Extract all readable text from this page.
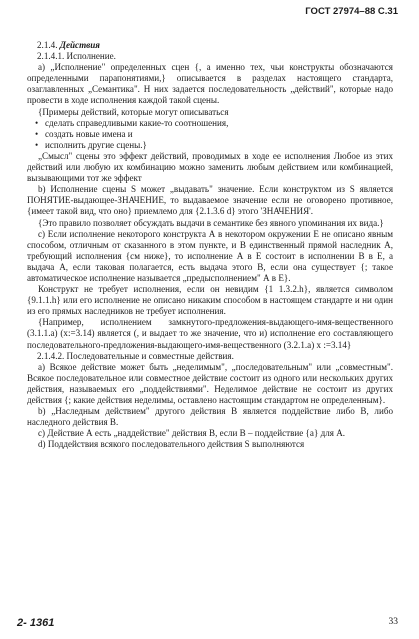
ГОСТ 27974–88 С.31

2.1.4. Действия

2.1.4.1. Исполнение.

а) „Исполнение" определенных сцен {, а именно тех, чьи конструкты обозначаются определенными парапонятиями,} описывается в разделах настоящего стандарта, озаглавленных „Семантика". Н них задается последовательность „действий", которые надо провести в ходе исполнения каждой такой сцены.

{Примеры действий, которые могут описываться

• сделать справедливыми какие-то соотношения,
• создать новые имена и
• исполнить другие сцены.}

„Смысл" сцены это эффект действий, проводимых в ходе ее исполнения Любое из этих действий или любую их комбинацию можно заменить любым действием или комбинацией, вызывающими тот же эффект

b) Исполнение сцены S может „выдавать" значение. Если конструктом из S является ПОНЯТИЕ-выдающее-ЗНАЧЕНИЕ, то выдаваемое значение если не оговорено противное, {имеет такой вид, что оно} приемлемо для {2.1.3.6 d} этого 'ЗНАЧЕНИЯ'.

{Это правило позволяет обсуждать выдачи в семантике без явного упоминания их вида.}

с) Если исполнение некоторого конструкта А в некотором окружении Е не описано явным способом, отличным от сказанного в этом пункте, и В единственный прямой наследник А, требующий исполнения {см ниже}, то исполнение А в Е состоит в исполнении В в Е, а выдача А, если таковая полагается, есть выдача этого В, если она существует {; такое автоматическое исполнение называется „предысполнением" А в Е}.

Конструкт не требует исполнения, если он невидим {1 1.3.2.h}, является символом {9.1.1.h} или его исполнение не описано никаким способом в настоящем стандарте и ни один из его прямых наследников не требует исполнения.

{Например, исполнением замкнутого-предложения-выдающего-имя-вещественного (3.1.1.а) (х:=3.14) является (, и выдает то же значение, что и) исполнение его составляющего последовательного-предложения-выдающего-имя-вещественного (3.2.1.а) х :=3.14}

2.1.4.2. Последовательные и совместные действия.

а) Всякое действие может быть „неделимым", „последовательным" или „совместным". Всякое последовательное или совместное действие состоит из одного или нескольких других действия, называемых его „поддействиями". Неделимое действие не состоит из других действия {; какие действия неделимы, оставлено настоящим стандартом не определенным}.

b) „Наследным действием" другого действия В является поддействие либо В, либо наследного действия В.

с) Действие А есть „наддействие" действия В, если В – поддействие {а} для А.

d) Поддействия всякого последовательного действия S выполняются

2- 1361	33
